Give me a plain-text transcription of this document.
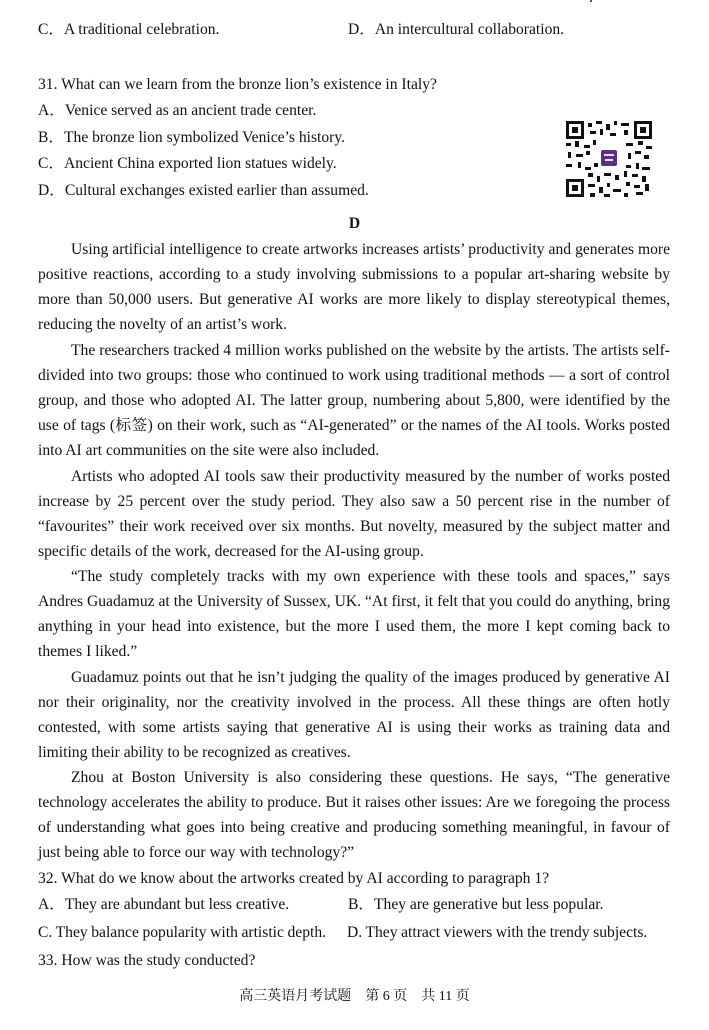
C．A traditional celebration.	D．An intercultural collaboration.
31. What can we learn from the bronze lion’s existence in Italy?
A．Venice served as an ancient trade center.
B．The bronze lion symbolized Venice’s history.
C．Ancient China exported lion statues widely.
D．Cultural exchanges existed earlier than assumed.
D
Using artificial intelligence to create artworks increases artists’ productivity and generates more positive reactions, according to a study involving submissions to a popular art-sharing website by more than 50,000 users. But generative AI works are more likely to display stereotypical themes, reducing the novelty of an artist’s work.
The researchers tracked 4 million works published on the website by the artists. The artists self-divided into two groups: those who continued to work using traditional methods — a sort of control group, and those who adopted AI. The latter group, numbering about 5,800, were identified by the use of tags (标签) on their work, such as “AI-generated” or the names of the AI tools. Works posted into AI art communities on the site were also included.
Artists who adopted AI tools saw their productivity measured by the number of works posted increase by 25 percent over the study period. They also saw a 50 percent rise in the number of “favourites” their work received over six months. But novelty, measured by the subject matter and specific details of the work, decreased for the AI-using group.
“The study completely tracks with my own experience with these tools and spaces,” says Andres Guadamuz at the University of Sussex, UK. “At first, it felt that you could do anything, bring anything in your head into existence, but the more I used them, the more I kept coming back to themes I liked.”
Guadamuz points out that he isn’t judging the quality of the images produced by generative AI nor their originality, nor the creativity involved in the process. All these things are often hotly contested, with some artists saying that generative AI is using their works as training data and limiting their ability to be recognized as creatives.
Zhou at Boston University is also considering these questions. He says, “The generative technology accelerates the ability to produce. But it raises other issues: Are we foregoing the process of understanding what goes into being creative and producing something meaningful, in favour of just being able to force our way with technology?”
32. What do we know about the artworks created by AI according to paragraph 1?
A．They are abundant but less creative.	B．They are generative but less popular.
C. They balance popularity with artistic depth. D. They attract viewers with the trendy subjects.
33. How was the study conducted?
高三英语月考试题　第 6 页　共 11 页
